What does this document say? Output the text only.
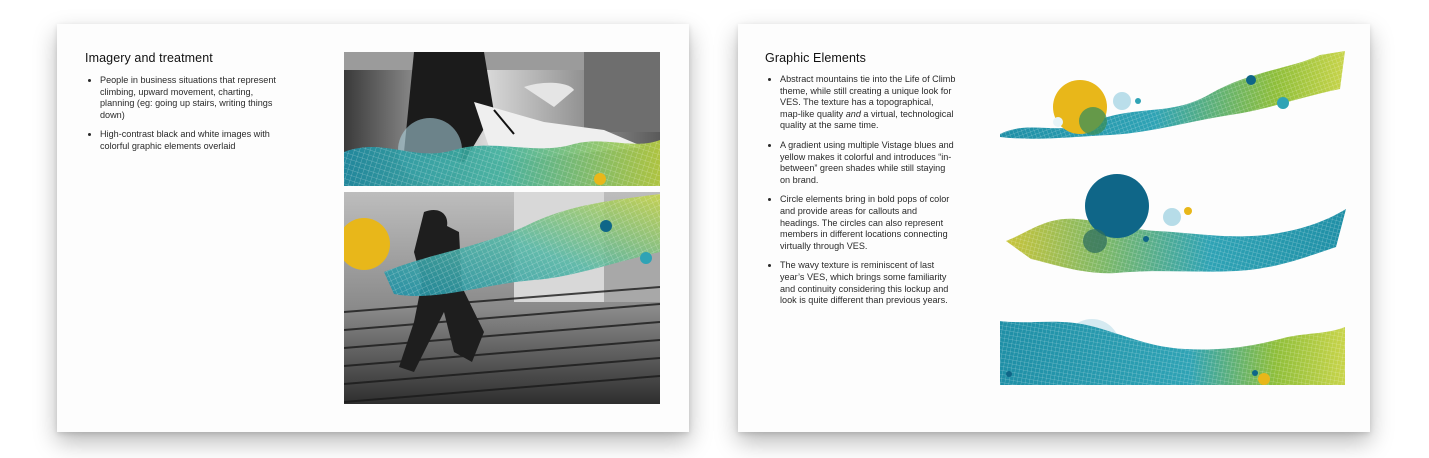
Imagery and treatment
• People in business situations that represent climbing, upward movement, charting, planning (eg: going up stairs, writing things down)
• High-contrast black and white images with colorful graphic elements overlaid
Graphic Elements
• Abstract mountains tie into the Life of Climb theme, while still creating a unique look for VES. The texture has a topographical, map-like quality and a virtual, technological quality at the same time.
• A gradient using multiple Vistage blues and yellow makes it colorful and introduces “in-between” green shades while still staying on brand.
• Circle elements bring in bold pops of color and provide areas for callouts and headings. The circles can also represent members in different locations connecting virtually through VES.
• The wavy texture is reminiscent of last year’s VES, which brings some familiarity and continuity considering this lockup and look is quite different than previous years.
